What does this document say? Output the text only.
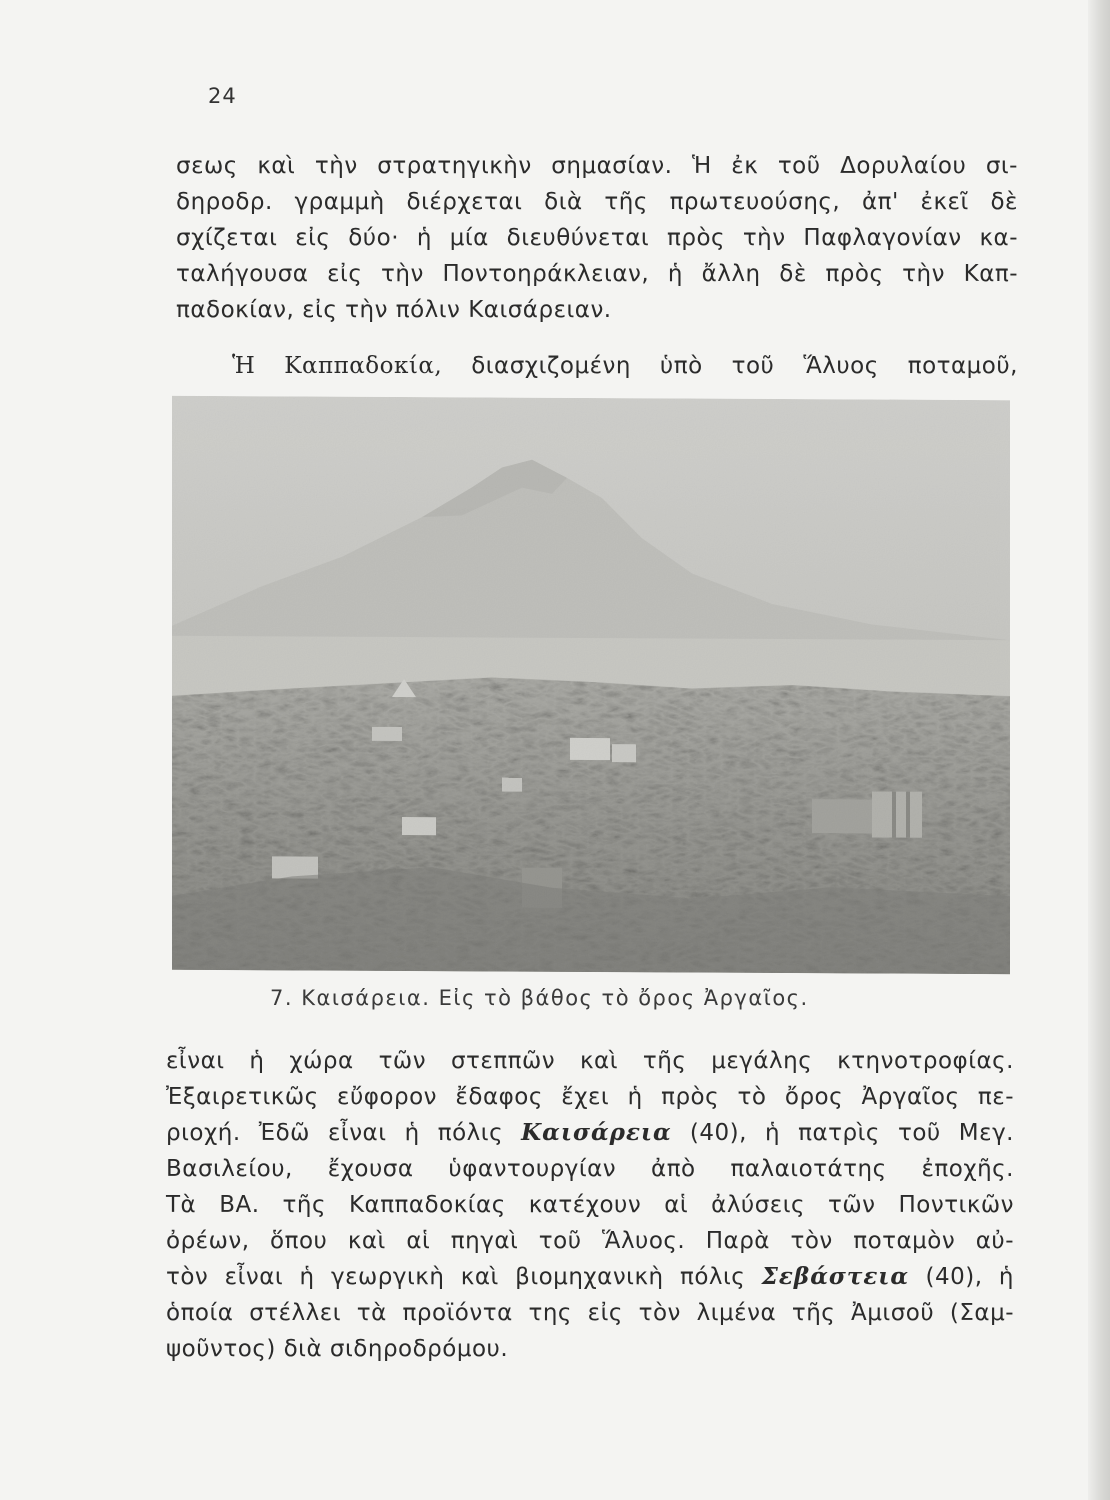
24
σεως καὶ τὴν στρατηγικὴν σημασίαν. Ἡ ἐκ τοῦ Δορυλαίου σι-
δηροδρ. γραμμὴ διέρχεται διὰ τῆς πρωτευούσης, ἀπ' ἐκεῖ δὲ
σχίζεται εἰς δύο· ἡ μία διευθύνεται πρὸς τὴν Παφλαγονίαν κα-
ταλήγουσα εἰς τὴν Ποντοηράκλειαν, ἡ ἄλλη δὲ πρὸς τὴν Καπ-
παδοκίαν, εἰς τὴν πόλιν Καισάρειαν.
Ἡ Καππαδοκία, διασχιζομένη ὑπὸ τοῦ Ἅλυος ποταμοῦ,
7. Καισάρεια. Εἰς τὸ βάθος τὸ ὄρος Ἀργαῖος.
εἶναι ἡ χώρα τῶν στεππῶν καὶ τῆς μεγάλης κτηνοτροφίας.
Ἐξαιρετικῶς εὔφορον ἔδαφος ἔχει ἡ πρὸς τὸ ὄρος Ἀργαῖος πε-
ριοχή. Ἐδῶ εἶναι ἡ πόλις Καισάρεια (40), ἡ πατρὶς τοῦ Μεγ.
Βασιλείου, ἔχουσα ὑφαντουργίαν ἀπὸ παλαιοτάτης ἐποχῆς.
Τὰ ΒΑ. τῆς Καππαδοκίας κατέχουν αἱ ἀλύσεις τῶν Ποντικῶν
ὀρέων, ὅπου καὶ αἱ πηγαὶ τοῦ Ἅλυος. Παρὰ τὸν ποταμὸν αὐ-
τὸν εἶναι ἡ γεωργικὴ καὶ βιομηχανικὴ πόλις Σεβάστεια (40), ἡ
ὁποία στέλλει τὰ προϊόντα της εἰς τὸν λιμένα τῆς Ἀμισοῦ (Σαμ-
ψοῦντος) διὰ σιδηροδρόμου.
